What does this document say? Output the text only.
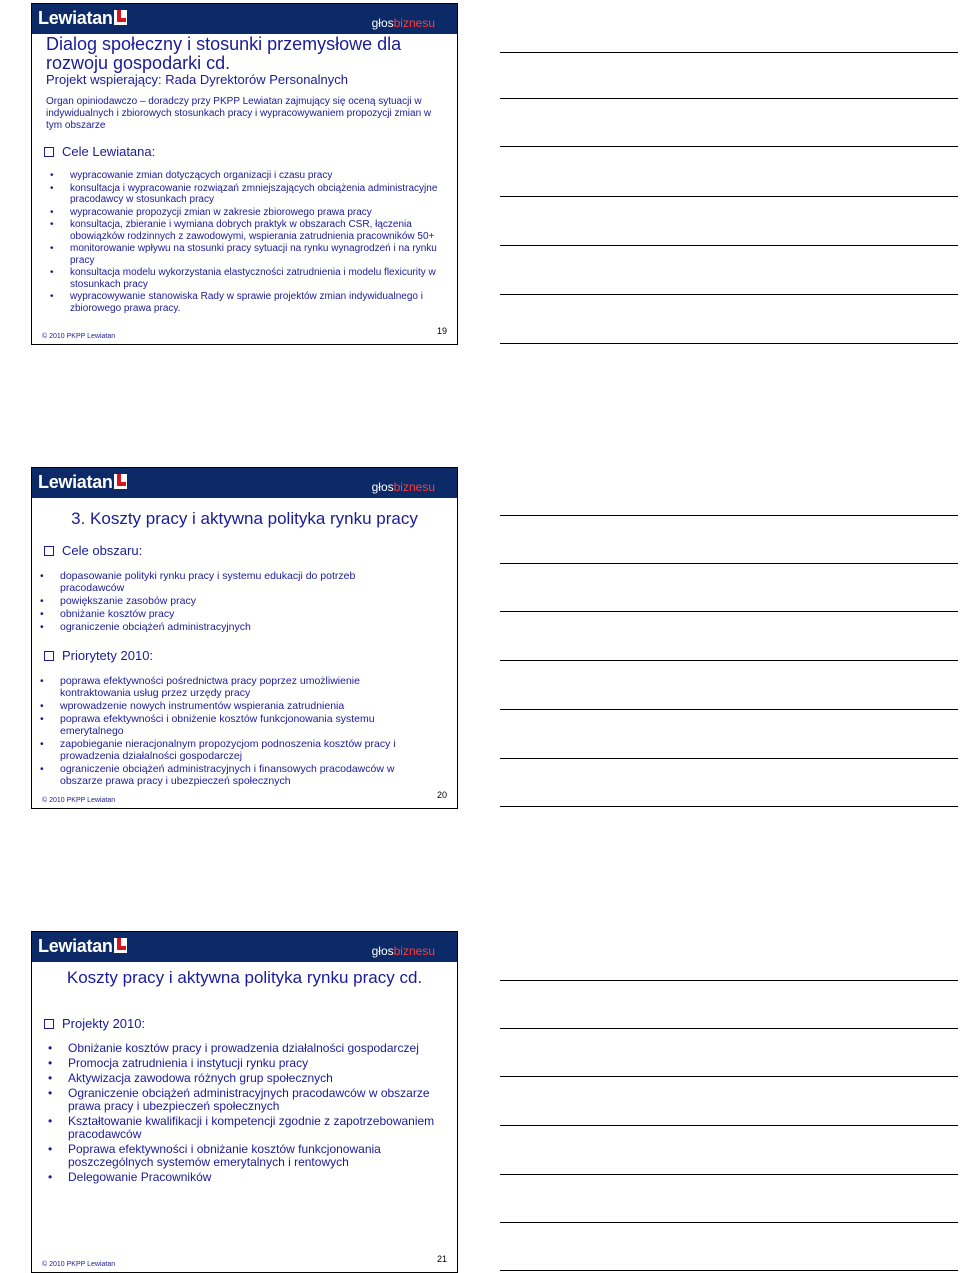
Lewiatan	głosbiznesu
Dialog społeczny i stosunki przemysłowe dla rozwoju gospodarki cd.
Projekt wspierający: Rada Dyrektorów Personalnych
Organ opiniodawczo – doradczy przy PKPP Lewiatan zajmujący się oceną sytuacji w indywidualnych i zbiorowych stosunkach pracy i wypracowywaniem propozycji zmian w tym obszarze
Cele Lewiatana:
• wypracowanie zmian dotyczących organizacji i czasu pracy
• konsultacja i wypracowanie rozwiązań zmniejszających obciążenia administracyjne pracodawcy w stosunkach pracy
• wypracowanie propozycji zmian w zakresie zbiorowego prawa pracy
• konsultacja, zbieranie i wymiana dobrych praktyk w obszarach CSR, łączenia obowiązków rodzinnych z zawodowymi, wspierania zatrudnienia pracowników 50+
• monitorowanie wpływu na stosunki pracy sytuacji na rynku wynagrodzeń i na rynku pracy
• konsultacja modelu wykorzystania elastyczności zatrudnienia i modelu flexicurity w stosunkach pracy
• wypracowywanie stanowiska Rady w sprawie projektów zmian indywidualnego i zbiorowego prawa pracy.
© 2010 PKPP Lewiatan
19
Lewiatan	głosbiznesu
3. Koszty pracy i aktywna polityka rynku pracy
Cele obszaru:
• dopasowanie polityki rynku pracy i systemu edukacji do potrzeb pracodawców
• powiększanie zasobów pracy
• obniżanie kosztów pracy
• ograniczenie obciążeń administracyjnych
Priorytety 2010:
• poprawa efektywności pośrednictwa pracy poprzez umożliwienie kontraktowania usług przez urzędy pracy
• wprowadzenie nowych instrumentów wspierania zatrudnienia
• poprawa efektywności i obniżenie kosztów funkcjonowania systemu emerytalnego
• zapobieganie nieracjonalnym propozycjom podnoszenia kosztów pracy i prowadzenia działalności gospodarczej
• ograniczenie obciążeń administracyjnych i finansowych pracodawców w obszarze prawa pracy i ubezpieczeń społecznych
© 2010 PKPP Lewiatan
20
Lewiatan	głosbiznesu
Koszty pracy i aktywna polityka rynku pracy cd.
Projekty 2010:
• Obniżanie kosztów pracy i prowadzenia działalności gospodarczej
• Promocja zatrudnienia i instytucji rynku pracy
• Aktywizacja zawodowa różnych grup społecznych
• Ograniczenie obciążeń administracyjnych pracodawców w obszarze prawa pracy i ubezpieczeń społecznych
• Kształtowanie kwalifikacji i kompetencji zgodnie z zapotrzebowaniem pracodawców
• Poprawa efektywności i obniżanie kosztów funkcjonowania poszczególnych systemów emerytalnych i rentowych
• Delegowanie Pracowników
© 2010 PKPP Lewiatan
21
